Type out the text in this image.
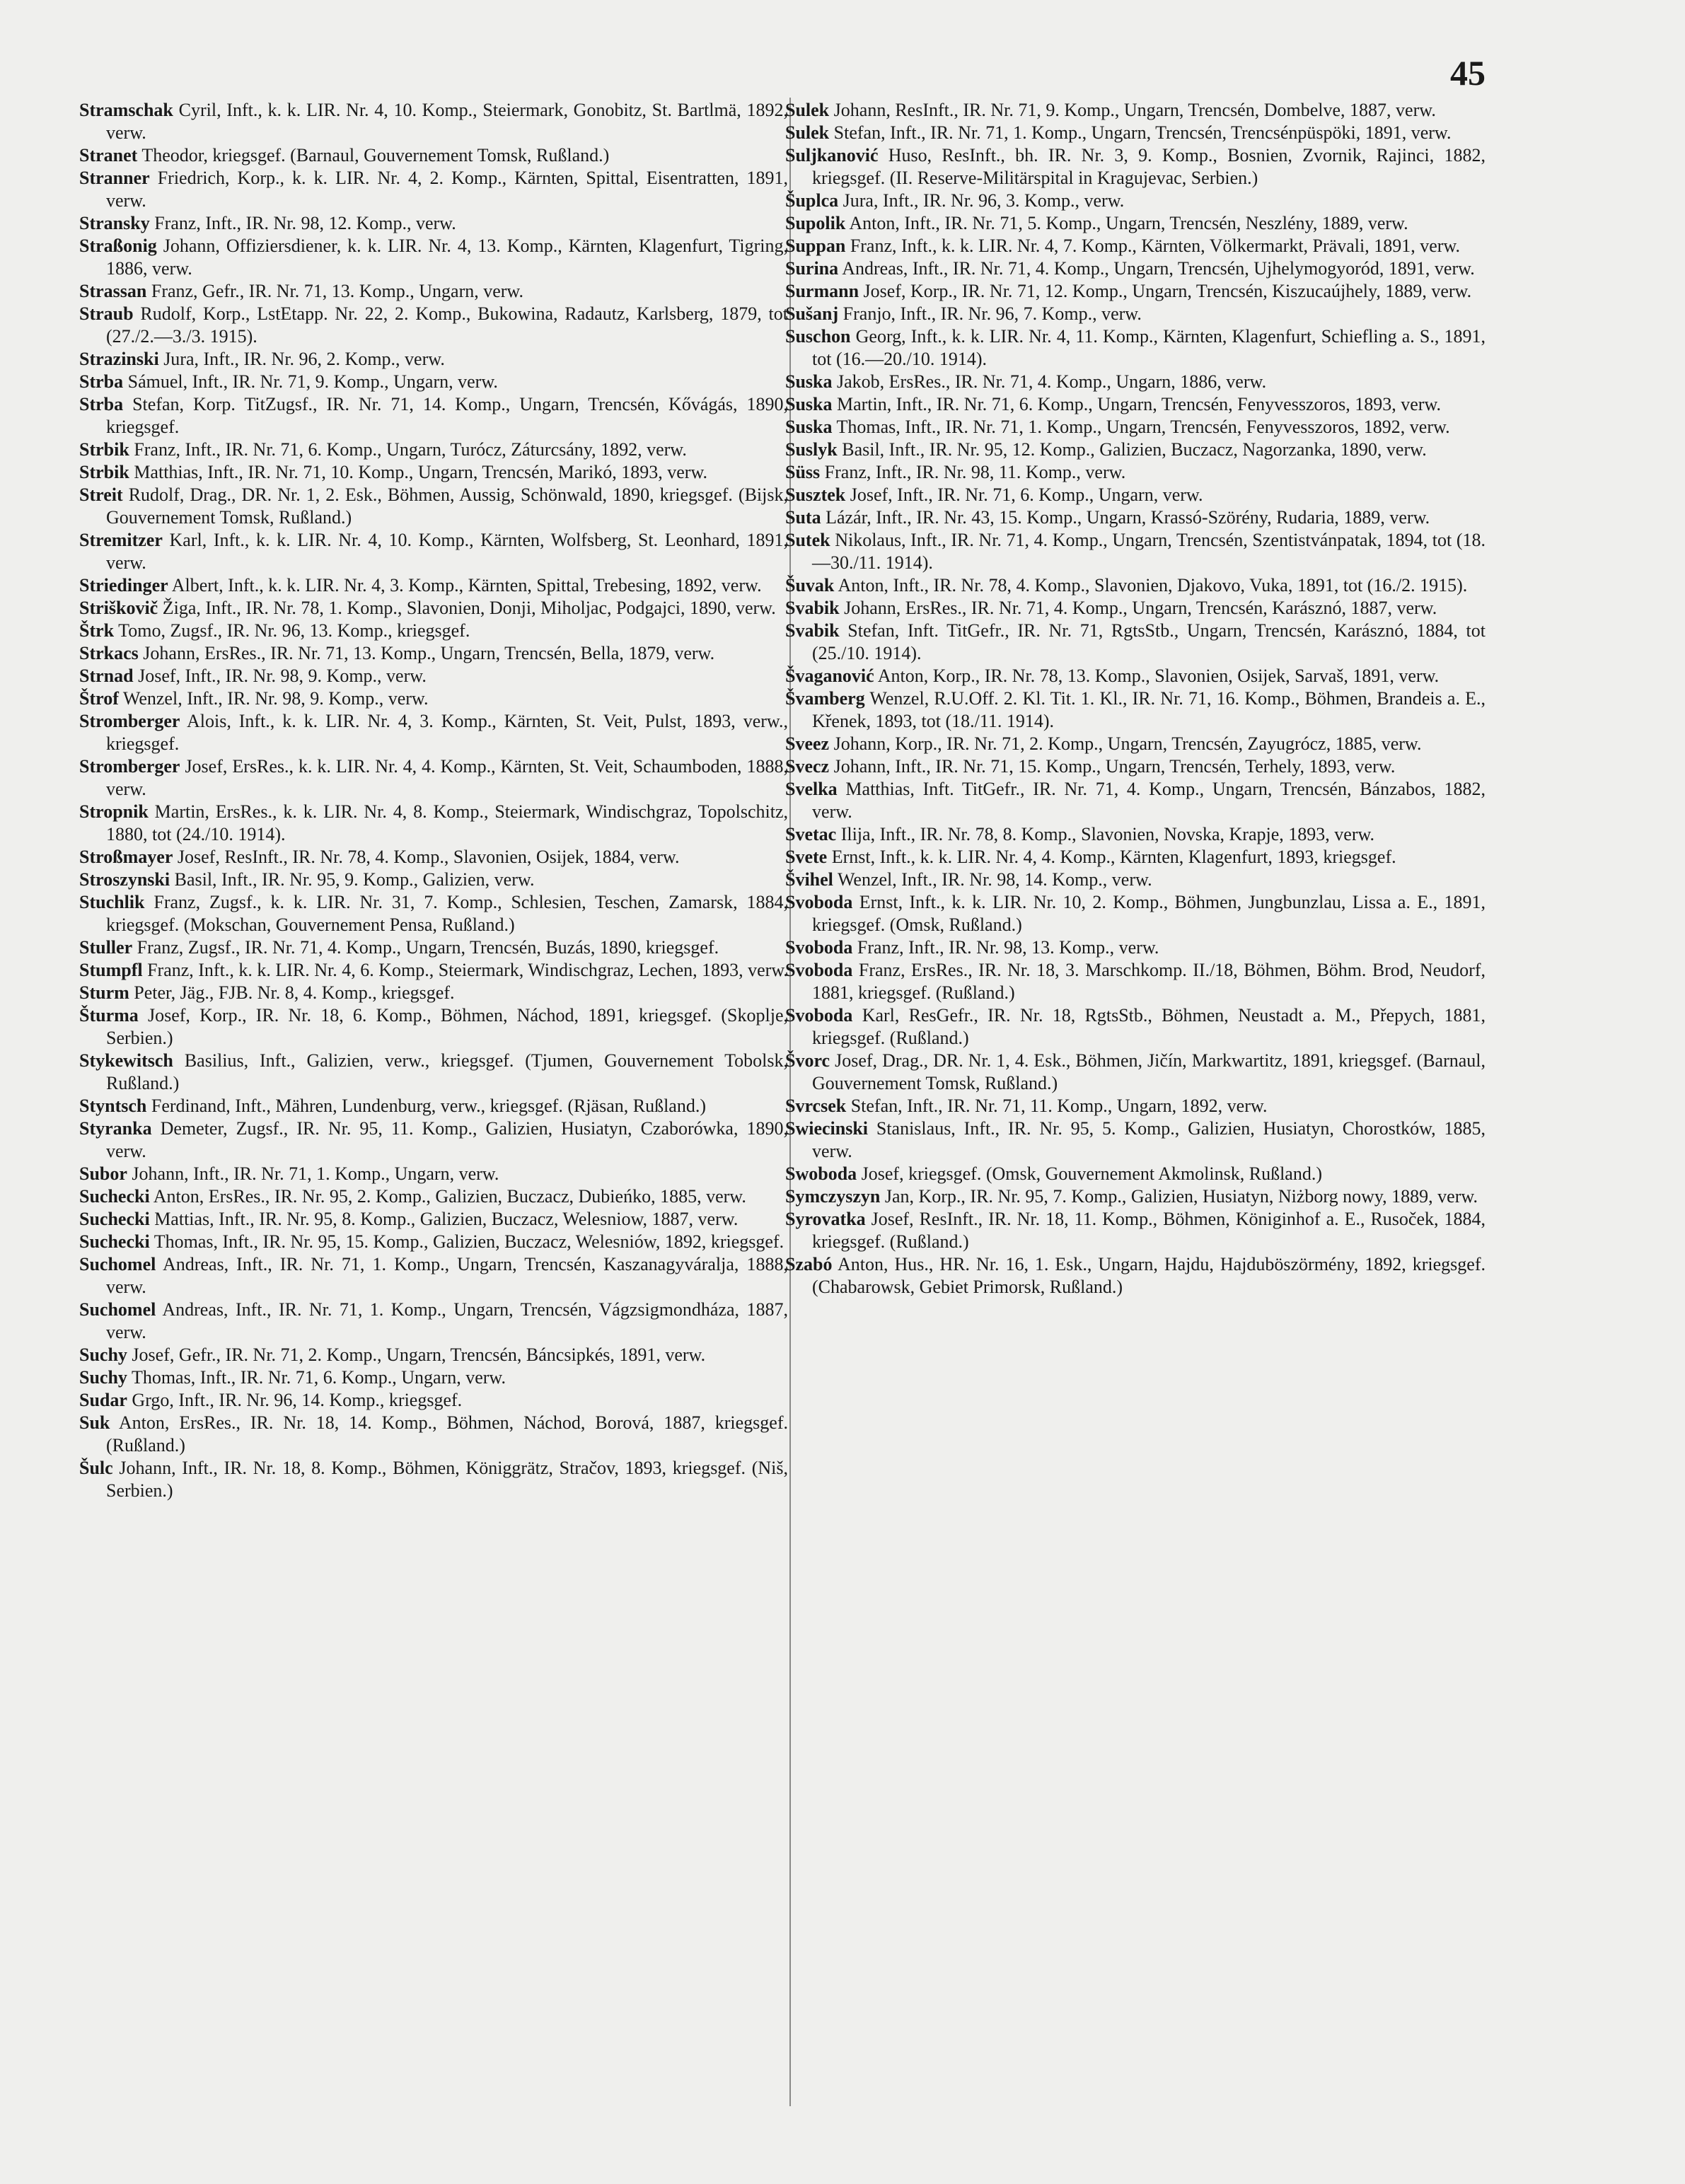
45

Stramschak Cyril, Inft., k. k. LIR. Nr. 4, 10. Komp., Steiermark, Gonobitz, St. Bartlmä, 1892, verw.

Stranet Theodor, kriegsgef. (Barnaul, Gouvernement Tomsk, Rußland.)

Stranner Friedrich, Korp., k. k. LIR. Nr. 4, 2. Komp., Kärnten, Spittal, Eisentratten, 1891, verw.

Stransky Franz, Inft., IR. Nr. 98, 12. Komp., verw.

Straßonig Johann, Offiziersdiener, k. k. LIR. Nr. 4, 13. Komp., Kärnten, Klagenfurt, Tigring, 1886, verw.

Strassan Franz, Gefr., IR. Nr. 71, 13. Komp., Ungarn, verw.

Straub Rudolf, Korp., LstEtapp. Nr. 22, 2. Komp., Bukowina, Radautz, Karlsberg, 1879, tot (27./2.—3./3. 1915).

Strazinski Jura, Inft., IR. Nr. 96, 2. Komp., verw.

Strba Sámuel, Inft., IR. Nr. 71, 9. Komp., Ungarn, verw.

Strba Stefan, Korp. TitZugsf., IR. Nr. 71, 14. Komp., Ungarn, Trencsén, Kővágás, 1890, kriegsgef.

Strbik Franz, Inft., IR. Nr. 71, 6. Komp., Ungarn, Turócz, Záturcsány, 1892, verw.

Strbik Matthias, Inft., IR. Nr. 71, 10. Komp., Ungarn, Trencsén, Marikó, 1893, verw.

Streit Rudolf, Drag., DR. Nr. 1, 2. Esk., Böhmen, Aussig, Schönwald, 1890, kriegsgef. (Bijsk, Gouvernement Tomsk, Rußland.)

Stremitzer Karl, Inft., k. k. LIR. Nr. 4, 10. Komp., Kärnten, Wolfsberg, St. Leonhard, 1891, verw.

Striedinger Albert, Inft., k. k. LIR. Nr. 4, 3. Komp., Kärnten, Spittal, Trebesing, 1892, verw.

Striškovič Žiga, Inft., IR. Nr. 78, 1. Komp., Slavonien, Donji, Miholjac, Podgajci, 1890, verw.

Štrk Tomo, Zugsf., IR. Nr. 96, 13. Komp., kriegsgef.

Strkacs Johann, ErsRes., IR. Nr. 71, 13. Komp., Ungarn, Trencsén, Bella, 1879, verw.

Strnad Josef, Inft., IR. Nr. 98, 9. Komp., verw.

Štrof Wenzel, Inft., IR. Nr. 98, 9. Komp., verw.

Stromberger Alois, Inft., k. k. LIR. Nr. 4, 3. Komp., Kärnten, St. Veit, Pulst, 1893, verw., kriegsgef.

Stromberger Josef, ErsRes., k. k. LIR. Nr. 4, 4. Komp., Kärnten, St. Veit, Schaumboden, 1888, verw.

Stropnik Martin, ErsRes., k. k. LIR. Nr. 4, 8. Komp., Steiermark, Windischgraz, Topolschitz, 1880, tot (24./10. 1914).

Stroßmayer Josef, ResInft., IR. Nr. 78, 4. Komp., Slavonien, Osijek, 1884, verw.

Stroszynski Basil, Inft., IR. Nr. 95, 9. Komp., Galizien, verw.

Stuchlik Franz, Zugsf., k. k. LIR. Nr. 31, 7. Komp., Schlesien, Teschen, Zamarsk, 1884, kriegsgef. (Mokschan, Gouvernement Pensa, Rußland.)

Stuller Franz, Zugsf., IR. Nr. 71, 4. Komp., Ungarn, Trencsén, Buzás, 1890, kriegsgef.

Stumpfl Franz, Inft., k. k. LIR. Nr. 4, 6. Komp., Steiermark, Windischgraz, Lechen, 1893, verw.

Sturm Peter, Jäg., FJB. Nr. 8, 4. Komp., kriegsgef.

Šturma Josef, Korp., IR. Nr. 18, 6. Komp., Böhmen, Náchod, 1891, kriegsgef. (Skoplje, Serbien.)

Stykewitsch Basilius, Inft., Galizien, verw., kriegsgef. (Tjumen, Gouvernement Tobolsk, Rußland.)

Styntsch Ferdinand, Inft., Mähren, Lundenburg, verw., kriegsgef. (Rjäsan, Rußland.)

Styranka Demeter, Zugsf., IR. Nr. 95, 11. Komp., Galizien, Husiatyn, Czaborówka, 1890, verw.

Subor Johann, Inft., IR. Nr. 71, 1. Komp., Ungarn, verw.

Suchecki Anton, ErsRes., IR. Nr. 95, 2. Komp., Galizien, Buczacz, Dubieńko, 1885, verw.

Suchecki Mattias, Inft., IR. Nr. 95, 8. Komp., Galizien, Buczacz, Welesniow, 1887, verw.

Suchecki Thomas, Inft., IR. Nr. 95, 15. Komp., Galizien, Buczacz, Welesniów, 1892, kriegsgef.

Suchomel Andreas, Inft., IR. Nr. 71, 1. Komp., Ungarn, Trencsén, Kaszanagyváralja, 1888, verw.

Suchomel Andreas, Inft., IR. Nr. 71, 1. Komp., Ungarn, Trencsén, Vágzsigmondháza, 1887, verw.

Suchy Josef, Gefr., IR. Nr. 71, 2. Komp., Ungarn, Trencsén, Báncsipkés, 1891, verw.

Suchy Thomas, Inft., IR. Nr. 71, 6. Komp., Ungarn, verw.

Sudar Grgo, Inft., IR. Nr. 96, 14. Komp., kriegsgef.

Suk Anton, ErsRes., IR. Nr. 18, 14. Komp., Böhmen, Náchod, Borová, 1887, kriegsgef. (Rußland.)

Šulc Johann, Inft., IR. Nr. 18, 8. Komp., Böhmen, Königgrätz, Stračov, 1893, kriegsgef. (Niš, Serbien.)

Sulek Johann, ResInft., IR. Nr. 71, 9. Komp., Ungarn, Trencsén, Dombelve, 1887, verw.

Sulek Stefan, Inft., IR. Nr. 71, 1. Komp., Ungarn, Trencsén, Trencsénpüspöki, 1891, verw.

Suljkanović Huso, ResInft., bh. IR. Nr. 3, 9. Komp., Bosnien, Zvornik, Rajinci, 1882, kriegsgef. (II. Reserve-Militärspital in Kragujevac, Serbien.)

Šuplca Jura, Inft., IR. Nr. 96, 3. Komp., verw.

Supolik Anton, Inft., IR. Nr. 71, 5. Komp., Ungarn, Trencsén, Neszlény, 1889, verw.

Suppan Franz, Inft., k. k. LIR. Nr. 4, 7. Komp., Kärnten, Völkermarkt, Prävali, 1891, verw.

Surina Andreas, Inft., IR. Nr. 71, 4. Komp., Ungarn, Trencsén, Ujhelymogyoród, 1891, verw.

Surmann Josef, Korp., IR. Nr. 71, 12. Komp., Ungarn, Trencsén, Kiszucaújhely, 1889, verw.

Sušanj Franjo, Inft., IR. Nr. 96, 7. Komp., verw.

Suschon Georg, Inft., k. k. LIR. Nr. 4, 11. Komp., Kärnten, Klagenfurt, Schiefling a. S., 1891, tot (16.—20./10. 1914).

Suska Jakob, ErsRes., IR. Nr. 71, 4. Komp., Ungarn, 1886, verw.

Suska Martin, Inft., IR. Nr. 71, 6. Komp., Ungarn, Trencsén, Fenyvesszoros, 1893, verw.

Suska Thomas, Inft., IR. Nr. 71, 1. Komp., Ungarn, Trencsén, Fenyvesszoros, 1892, verw.

Suslyk Basil, Inft., IR. Nr. 95, 12. Komp., Galizien, Buczacz, Nagorzanka, 1890, verw.

Süss Franz, Inft., IR. Nr. 98, 11. Komp., verw.

Susztek Josef, Inft., IR. Nr. 71, 6. Komp., Ungarn, verw.

Suta Lázár, Inft., IR. Nr. 43, 15. Komp., Ungarn, Krassó-Szörény, Rudaria, 1889, verw.

Sutek Nikolaus, Inft., IR. Nr. 71, 4. Komp., Ungarn, Trencsén, Szentistvánpatak, 1894, tot (18.—30./11. 1914).

Šuvak Anton, Inft., IR. Nr. 78, 4. Komp., Slavonien, Djakovo, Vuka, 1891, tot (16./2. 1915).

Svabik Johann, ErsRes., IR. Nr. 71, 4. Komp., Ungarn, Trencsén, Karásznó, 1887, verw.

Svabik Stefan, Inft. TitGefr., IR. Nr. 71, RgtsStb., Ungarn, Trencsén, Karásznó, 1884, tot (25./10. 1914).

Švaganović Anton, Korp., IR. Nr. 78, 13. Komp., Slavonien, Osijek, Sarvaš, 1891, verw.

Švamberg Wenzel, R.U.Off. 2. Kl. Tit. 1. Kl., IR. Nr. 71, 16. Komp., Böhmen, Brandeis a. E., Křenek, 1893, tot (18./11. 1914).

Sveez Johann, Korp., IR. Nr. 71, 2. Komp., Ungarn, Trencsén, Zayugrócz, 1885, verw.

Svecz Johann, Inft., IR. Nr. 71, 15. Komp., Ungarn, Trencsén, Terhely, 1893, verw.

Svelka Matthias, Inft. TitGefr., IR. Nr. 71, 4. Komp., Ungarn, Trencsén, Bánzabos, 1882, verw.

Svetac Ilija, Inft., IR. Nr. 78, 8. Komp., Slavonien, Novska, Krapje, 1893, verw.

Svete Ernst, Inft., k. k. LIR. Nr. 4, 4. Komp., Kärnten, Klagenfurt, 1893, kriegsgef.

Švihel Wenzel, Inft., IR. Nr. 98, 14. Komp., verw.

Svoboda Ernst, Inft., k. k. LIR. Nr. 10, 2. Komp., Böhmen, Jungbunzlau, Lissa a. E., 1891, kriegsgef. (Omsk, Rußland.)

Svoboda Franz, Inft., IR. Nr. 98, 13. Komp., verw.

Svoboda Franz, ErsRes., IR. Nr. 18, 3. Marschkomp. II./18, Böhmen, Böhm. Brod, Neudorf, 1881, kriegsgef. (Rußland.)

Svoboda Karl, ResGefr., IR. Nr. 18, RgtsStb., Böhmen, Neustadt a. M., Přepych, 1881, kriegsgef. (Rußland.)

Švorc Josef, Drag., DR. Nr. 1, 4. Esk., Böhmen, Jičín, Markwartitz, 1891, kriegsgef. (Barnaul, Gouvernement Tomsk, Rußland.)

Svrcsek Stefan, Inft., IR. Nr. 71, 11. Komp., Ungarn, 1892, verw.

Swiecinski Stanislaus, Inft., IR. Nr. 95, 5. Komp., Galizien, Husiatyn, Chorostków, 1885, verw.

Swoboda Josef, kriegsgef. (Omsk, Gouvernement Akmolinsk, Rußland.)

Symczyszyn Jan, Korp., IR. Nr. 95, 7. Komp., Galizien, Husiatyn, Niżborg nowy, 1889, verw.

Syrovatka Josef, ResInft., IR. Nr. 18, 11. Komp., Böhmen, Königinhof a. E., Rusoček, 1884, kriegsgef. (Rußland.)

Szabó Anton, Hus., HR. Nr. 16, 1. Esk., Ungarn, Hajdu, Hajduböszörmény, 1892, kriegsgef. (Chabarowsk, Gebiet Primorsk, Rußland.)
